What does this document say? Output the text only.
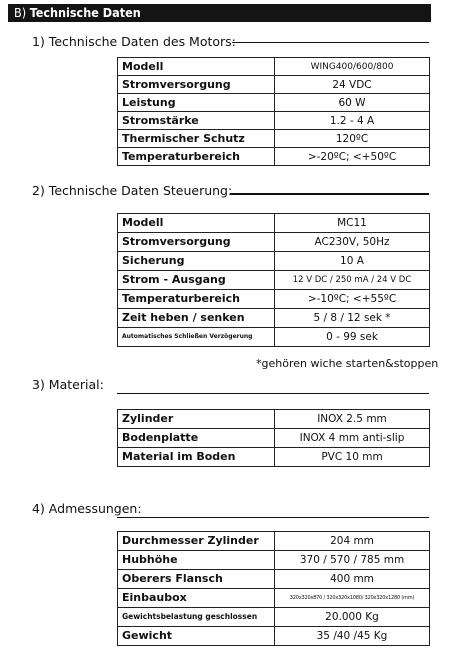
B) Technische Daten
1) Technische Daten des Motors:
Modell	WING400/600/800
Stromversorgung	24 VDC
Leistung	60 W
Stromstärke	1.2 - 4 A
Thermischer Schutz	120ºC
Temperaturbereich	>-20ºC; <+50ºC
2) Technische Daten Steuerung:
Modell	MC11
Stromversorgung	AC230V, 50Hz
Sicherung	10 A
Strom - Ausgang	12 V DC / 250 mA / 24 V DC
Temperaturbereich	>-10ºC; <+55ºC
Zeit heben / senken	5 / 8 / 12 sek *
Automatisches Schließen Verzögerung	0 - 99 sek
*gehören wiche starten&stoppen
3) Material:
Zylinder	INOX 2.5 mm
Bodenplatte	INOX 4 mm anti-slip
Material im Boden	PVC 10 mm
4) Admessungen:
Durchmesser Zylinder	204 mm
Hubhöhe	370 / 570 / 785 mm
Oberers Flansch	400 mm
Einbaubox	320x320x870 / 320x320x1080/ 320x320x1280 (mm)
Gewichtsbelastung geschlossen	20.000 Kg
Gewicht	35 /40 /45 Kg
